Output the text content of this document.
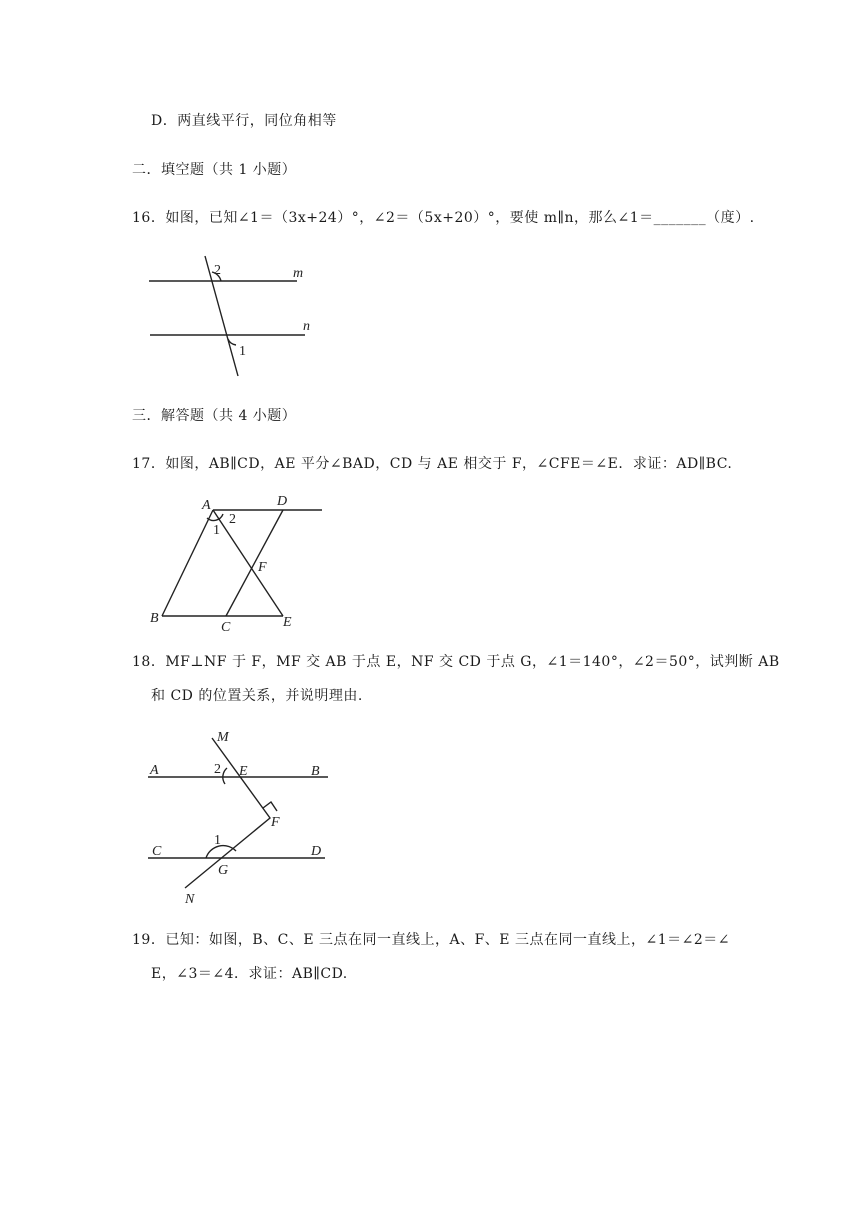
D．两直线平行，同位角相等
二．填空题（共 1 小题）
16．如图，已知∠1＝（3x+24）°，∠2＝（5x+20）°，要使 m∥n，那么∠1＝_______（度）.
2	m
n
1
三．解答题（共 4 小题）
17．如图，AB∥CD，AE 平分∠BAD，CD 与 AE 相交于 F，∠CFE＝∠E．求证：AD∥BC.
A	D
1
2
F
B
C	E
18．MF⊥NF 于 F，MF 交 AB 于点 E，NF 交 CD 于点 G，∠1＝140°，∠2＝50°，试判断 AB
和 CD 的位置关系，并说明理由.
M
A	2 E	B
F
C
1
D
G
N
19．已知：如图，B、C、E 三点在同一直线上，A、F、E 三点在同一直线上，∠1＝∠2＝∠
E，∠3＝∠4．求证：AB∥CD.
